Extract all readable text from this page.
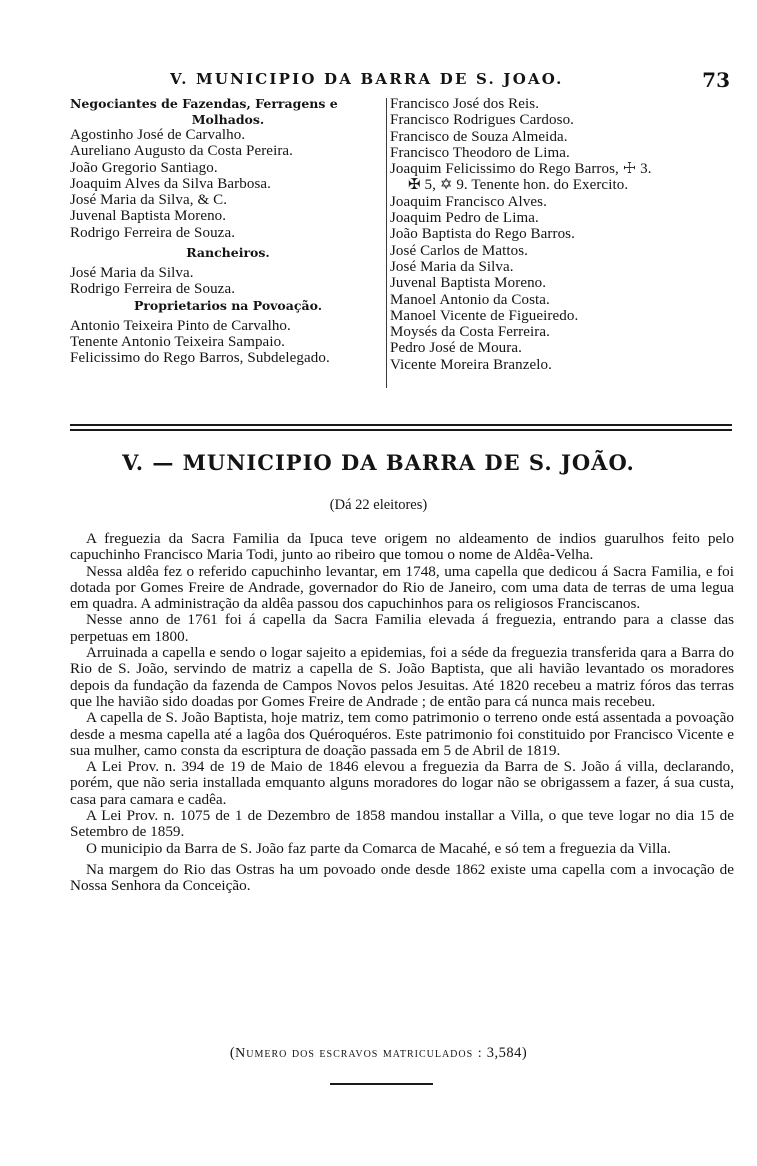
V. MUNICIPIO DA BARRA DE S. JOAO.	73
Negociantes de Fazendas, Ferragens e
Molhados.
Agostinho José de Carvalho.
Aureliano Augusto da Costa Pereira.
João Gregorio Santiago.
Joaquim Alves da Silva Barbosa.
José Maria da Silva, & C.
Juvenal Baptista Moreno.
Rodrigo Ferreira de Souza.
Rancheiros.
José Maria da Silva.
Rodrigo Ferreira de Souza.
Proprietarios na Povoação.
Antonio Teixeira Pinto de Carvalho.
Tenente Antonio Teixeira Sampaio.
Felicissimo do Rego Barros, Subdelegado.
Francisco José dos Reis.
Francisco Rodrigues Cardoso.
Francisco de Souza Almeida.
Francisco Theodoro de Lima.
Joaquim Felicissimo do Rego Barros, ☩ 3.
✠ 5, ✡ 9. Tenente hon. do Exercito.
Joaquim Francisco Alves.
Joaquim Pedro de Lima.
João Baptista do Rego Barros.
José Carlos de Mattos.
José Maria da Silva.
Juvenal Baptista Moreno.
Manoel Antonio da Costa.
Manoel Vicente de Figueiredo.
Moysés da Costa Ferreira.
Pedro José de Moura.
Vicente Moreira Branzelo.
V. — MUNICIPIO DA BARRA DE S. JOÃO.
(Dá 22 eleitores)

A freguezia da Sacra Familia da Ipuca teve origem no aldeamento de indios guarulhos feito pelo capuchinho Francisco Maria Todi, junto ao ribeiro que tomou o nome de Aldêa-Velha.

Nessa aldêa fez o referido capuchinho levantar, em 1748, uma capella que dedicou á Sacra Familia, e foi dotada por Gomes Freire de Andrade, governador do Rio de Janeiro, com uma data de terras de uma legua em quadra. A administração da aldêa passou dos capuchinhos para os religiosos Franciscanos.

Nesse anno de 1761 foi á capella da Sacra Familia elevada á freguezia, entrando para a classe das perpetuas em 1800.

Arruinada a capella e sendo o logar sajeito a epidemias, foi a séde da freguezia transferida qara a Barra do Rio de S. João, servindo de matriz a capella de S. João Baptista, que ali havião levantado os moradores depois da fundação da fazenda de Campos Novos pelos Jesuitas. Até 1820 recebeu a matriz fóros das terras que lhe havião sido doadas por Gomes Freire de Andrade ; de então para cá nunca mais recebeu.

A capella de S. João Baptista, hoje matriz, tem como patrimonio o terreno onde está assentada a povoação desde a mesma capella até a lagôa dos Quéroquéros. Este patrimonio foi constituido por Francisco Vicente e sua mulher, camo consta da escriptura de doação passada em 5 de Abril de 1819.

A Lei Prov. n. 394 de 19 de Maio de 1846 elevou a freguezia da Barra de S. João á villa, declarando, porém, que não seria installada emquanto alguns moradores do logar não se obrigassem a fazer, á sua custa, casa para camara e cadêa.

A Lei Prov. n. 1075 de 1 de Dezembro de 1858 mandou installar a Villa, o que teve logar no dia 15 de Setembro de 1859.

O municipio da Barra de S. João faz parte da Comarca de Macahé, e só tem a freguezia da Villa.

Na margem do Rio das Ostras ha um povoado onde desde 1862 existe uma capella com a invocação de Nossa Senhora da Conceição.

(Numero dos escravos matriculados : 3,584)
